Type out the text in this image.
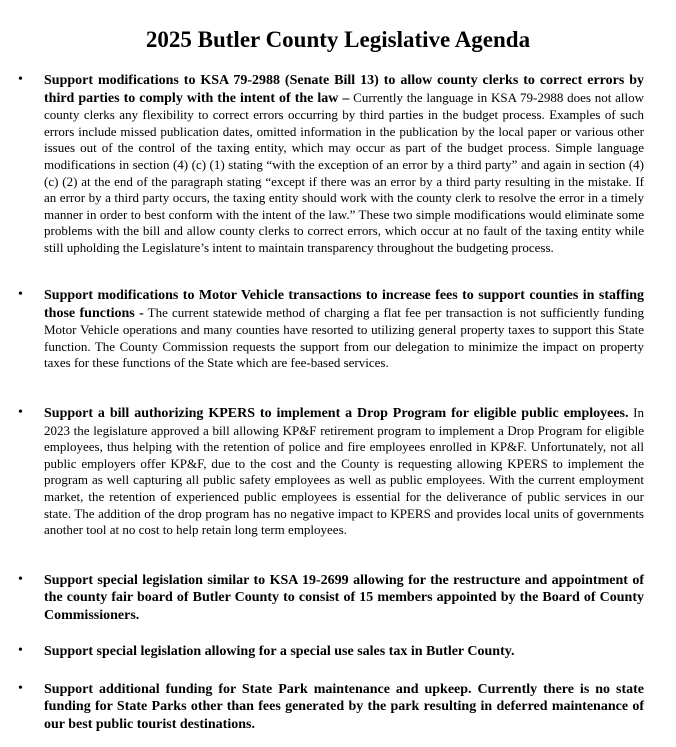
2025 Butler County Legislative Agenda
• Support modifications to KSA 79-2988 (Senate Bill 13) to allow county clerks to correct errors by third parties to comply with the intent of the law – Currently the language in KSA 79-2988 does not allow county clerks any flexibility to correct errors occurring by third parties in the budget process. Examples of such errors include missed publication dates, omitted information in the publication by the local paper or various other issues out of the control of the taxing entity, which may occur as part of the budget process. Simple language modifications in section (4) (c) (1) stating “with the exception of an error by a third party” and again in section (4) (c) (2) at the end of the paragraph stating “except if there was an error by a third party resulting in the mistake. If an error by a third party occurs, the taxing entity should work with the county clerk to resolve the error in a timely manner in order to best conform with the intent of the law.” These two simple modifications would eliminate some problems with the bill and allow county clerks to correct errors, which occur at no fault of the taxing entity while still upholding the Legislature’s intent to maintain transparency throughout the budgeting process.

• Support modifications to Motor Vehicle transactions to increase fees to support counties in staffing those functions - The current statewide method of charging a flat fee per transaction is not sufficiently funding Motor Vehicle operations and many counties have resorted to utilizing general property taxes to support this State function. The County Commission requests the support from our delegation to minimize the impact on property taxes for these functions of the State which are fee-based services.

• Support a bill authorizing KPERS to implement a Drop Program for eligible public employees. In 2023 the legislature approved a bill allowing KP&F retirement program to implement a Drop Program for eligible employees, thus helping with the retention of police and fire employees enrolled in KP&F. Unfortunately, not all public employers offer KP&F, due to the cost and the County is requesting allowing KPERS to implement the program as well capturing all public safety employees as well as public employees. With the current employment market, the retention of experienced public employees is essential for the deliverance of public services in our state. The addition of the drop program has no negative impact to KPERS and provides local units of governments another tool at no cost to help retain long term employees.

• Support special legislation similar to KSA 19-2699 allowing for the restructure and appointment of the county fair board of Butler County to consist of 15 members appointed by the Board of County Commissioners.

• Support special legislation allowing for a special use sales tax in Butler County.

• Support additional funding for State Park maintenance and upkeep. Currently there is no state funding for State Parks other than fees generated by the park resulting in deferred maintenance of our best public tourist destinations.
